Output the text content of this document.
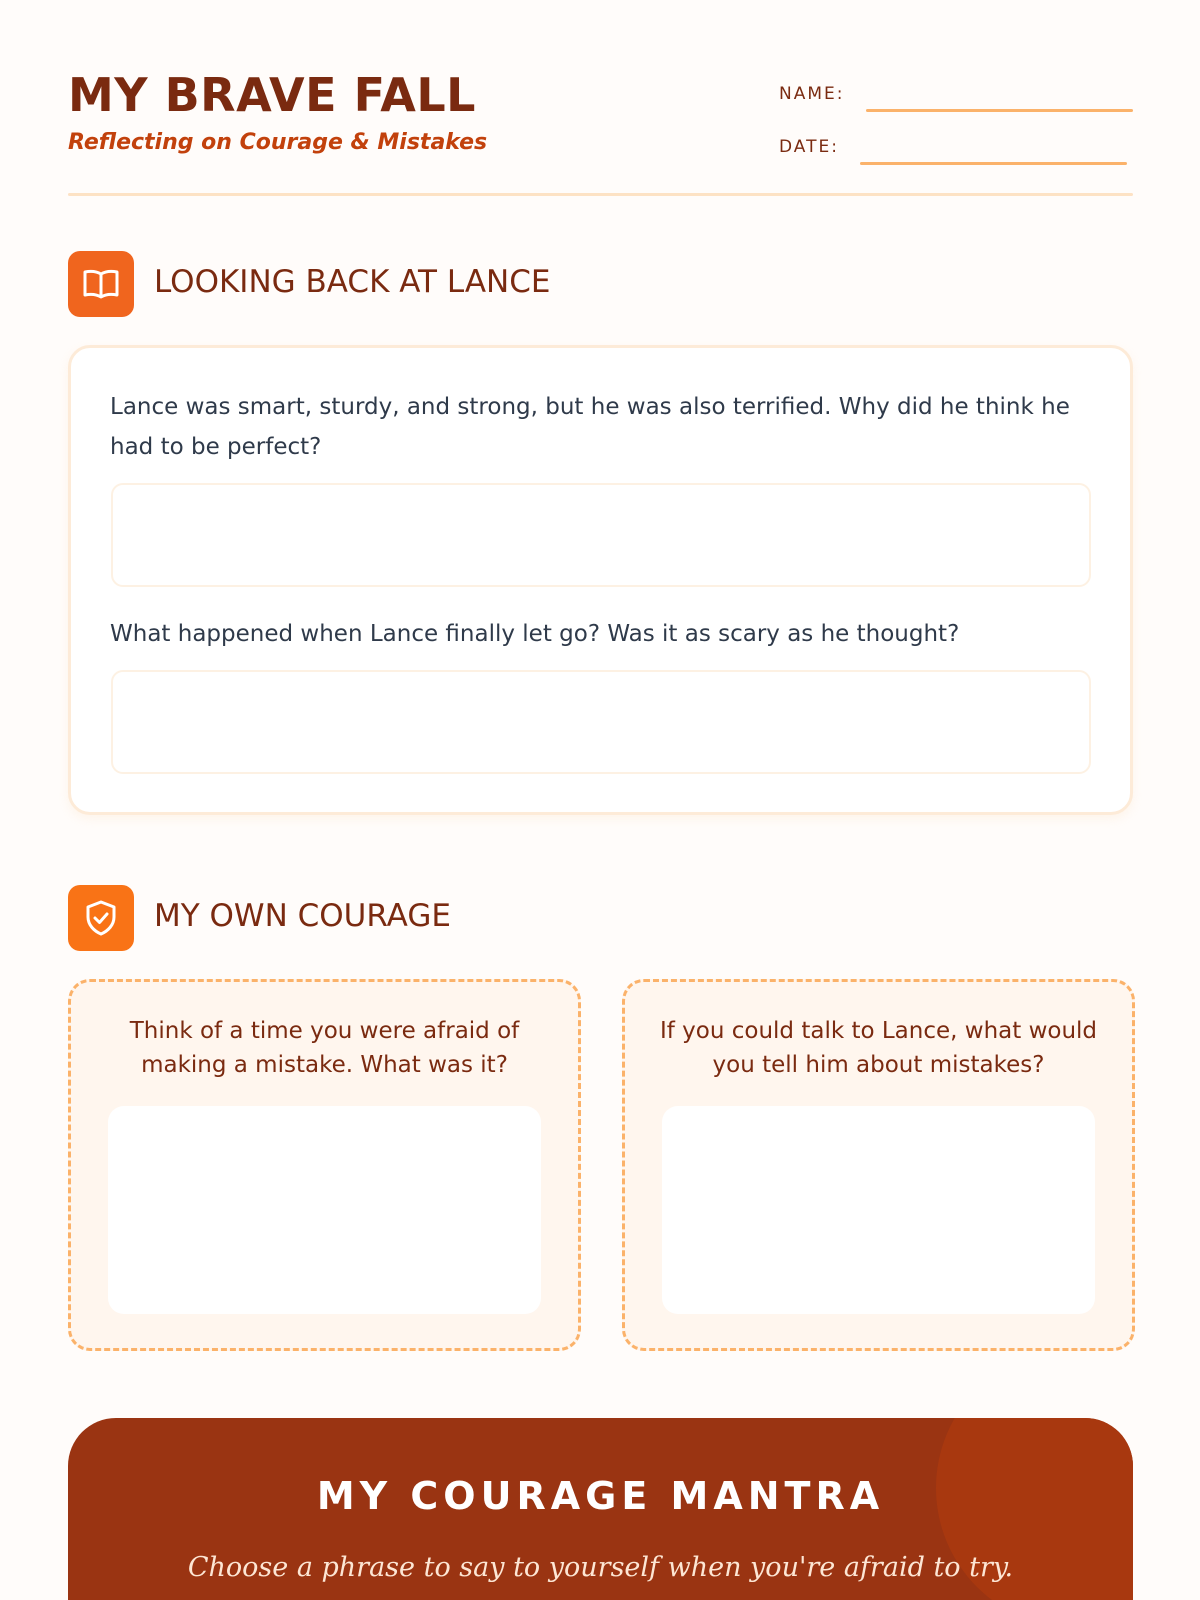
MY BRAVE FALL
Reflecting on Courage & Mistakes
NAME:
DATE:
LOOKING BACK AT LANCE
Lance was smart, sturdy, and strong, but he was also terrified. Why did he think he had to be perfect?
What happened when Lance finally let go? Was it as scary as he thought?
MY OWN COURAGE
Think of a time you were afraid of making a mistake. What was it?
If you could talk to Lance, what would you tell him about mistakes?
MY COURAGE MANTRA
Choose a phrase to say to yourself when you're afraid to try.
